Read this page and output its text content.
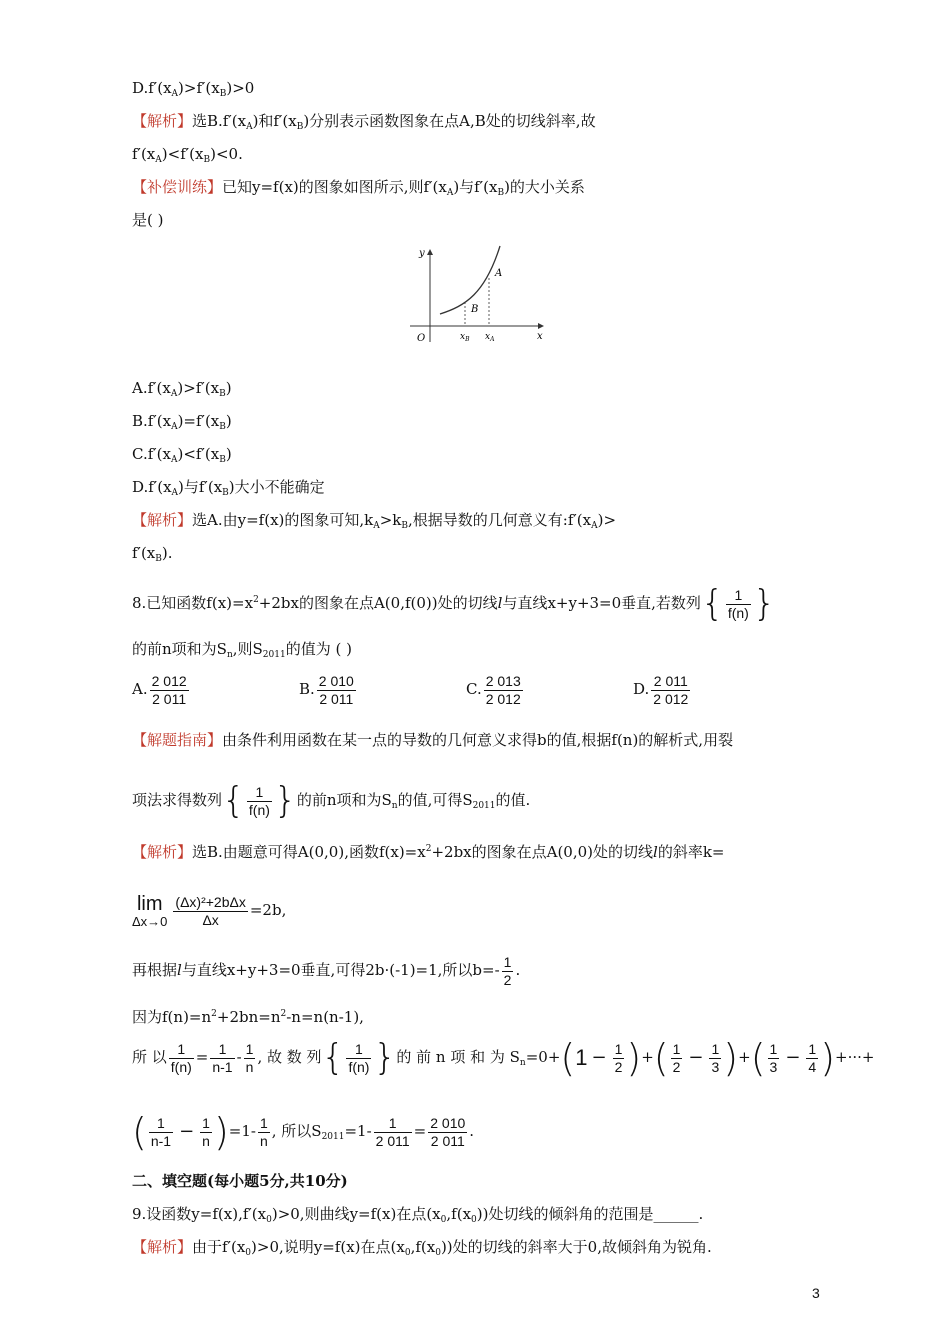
$D.f'(x_A)>f'(x_B)>0$
【解析】选$B.f'(x_A)$和$f'(x_B)$分别表示函数图象在点A,B处的切线斜率,故
$f'(x_A)<f'(x_B)<0$.
【补偿训练】已知y=f(x)的图象如图所示,则$f'(x_A)$与$f'(x_B)$的大小关系
是( )
y
x
O
A
B
$x_B$ $x_A$
$A.f'(x_A)>f'(x_B)$
$B.f'(x_A)=f'(x_B)$
$C.f'(x_A)<f'(x_B)$
$D.f'(x_A)$与$f'(x_B)$大小不能确定
【解析】选A.由y=f(x)的图象可知$,k_A>k_B$,根据导数的几何意义有$:f'(x_A)>$
$f'(x_B)$.
8.已知函数$f(x)=x^2+2bx$的图象在点A(0,f(0))处的切线l与直线x+y+3=0垂直,若数列{ $\frac{1}{f(n)}$ }
的前n项和为$S_n$,则$S_{2011}$的值为 ( )
A. $\frac{2 012}{2 011}$	B. $\frac{2 010}{2 011}$	C. $\frac{2 013}{2 012}$	D. $\frac{2 011}{2 012}$
【解题指南】由条件利用函数在某一点的导数的几何意义求得b的值,根据f(n)的解析式,用裂
项法求得数列{ $\frac{1}{f(n)}$ }的前n项和为$S_n$的值,可得$S_{2011}$的值.
【解析】选B.由题意可得A(0,0),函数$f(x)=x^2+2bx$的图象在点A(0,0)处的切线l的斜率k=
lim
$\Delta x\to 0 \frac{\text{(Δx)²+2bΔx}}{\Delta x} =2b$,
再根据l与直线x+y+3=0垂直,可得2b·(-1)=1,所以$b=- \frac{1}{2}$ .
因为$f(n)=n^2+2bn=n^2-n=n(n-1)$,
所 以 $\frac{1}{f(n)} = \frac{1}{n-1} - \frac{1}{n}$ , 故 数 列{ $\frac{1}{f(n)}$ }的 前 n 项 和 为 $S_n=0+(1 - \frac{1}{2}$ )+( $\frac{1}{2} - \frac{1}{3}$ )+( $\frac{1}{3} - \frac{1}{4}$ )+···+
( $\frac{1}{n-1} - \frac{1}{n} )=1- \frac{1}{n}$ , 所以$S_{2011}=1- \frac{1}{2 011} = \frac{2 010}{2 011}$ .
二、填空题(每小题5分,共10分)
9.设函数$y=f(x),f'(x_0)>0$,则曲线y=f(x)在点$(x_0,f(x_0))$处切线的倾斜角的范围是______.
【解析】由于$f'(x_0)>0$,说明y=f(x)在点$(x_0,f(x_0))$处的切线的斜率大于0,故倾斜角为锐角.
3
